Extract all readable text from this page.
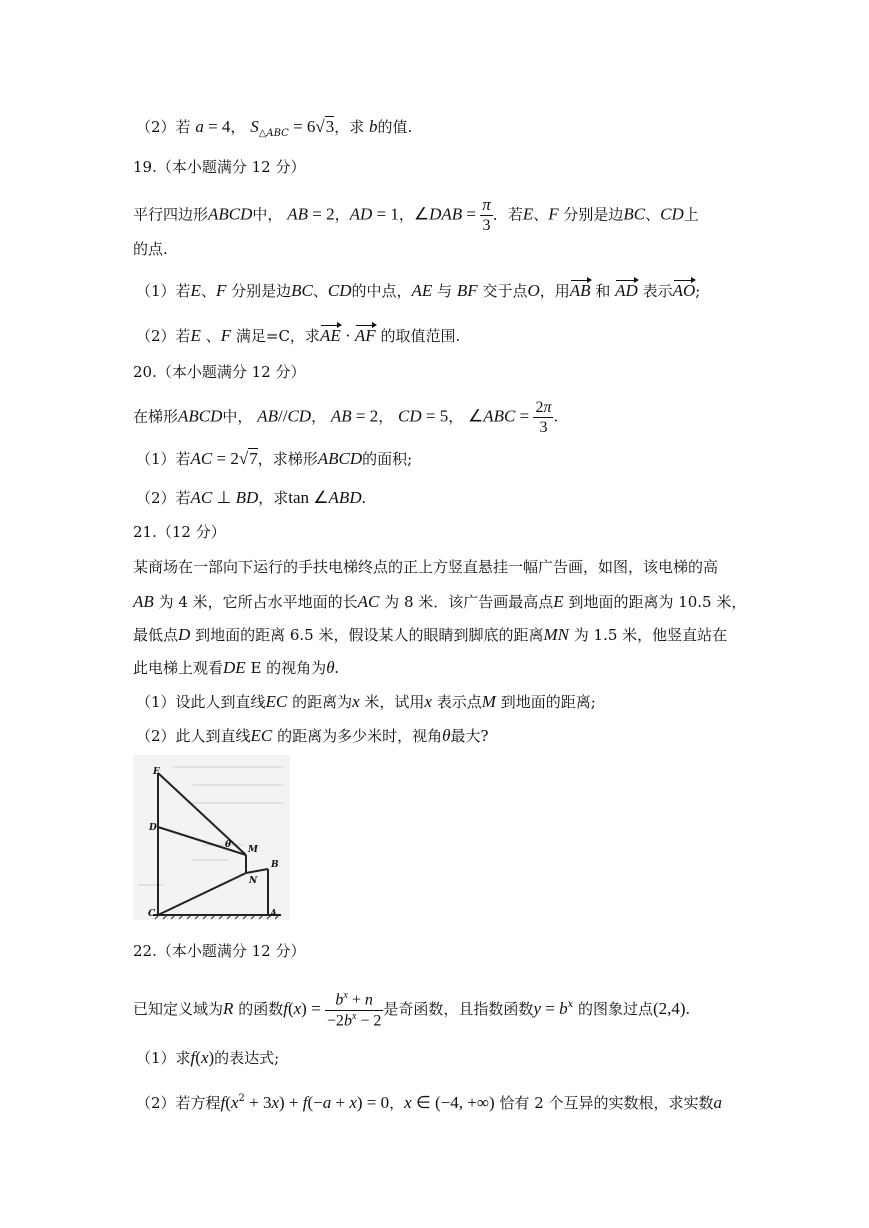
（2）若 a = 4， $S_{\triangle ABC} = 6√3$，求 b的值.
19.（本小题满分 12 分）
平行四边形ABCD中， AB = 2，AD = 1，∠DAB = $\frac{\pi}{3}$ ．若E、F 分别是边BC、CD上
的点.
（1）若E、F 分别是边BC、CD的中点，AE 与 BF 交于点O，用AB 和 AD 表示AO;
（2）若E 、F 满足=C，求AE · AF 的取值范围.
20.（本小题满分 12 分）
在梯形ABCD中， AB//CD， AB = 2， CD = 5， ∠ABC = $\frac{2\pi}{3}$ .
（1）若AC = 2√7，求梯形ABCD的面积;
（2）若AC ⊥ BD，求tan ∠ABD.
21.（12 分）
某商场在一部向下运行的手扶电梯终点的正上方竖直悬挂一幅广告画，如图，该电梯的高
AB 为 4 米，它所占水平地面的长AC 为 8 米．该广告画最高点E 到地面的距离为 10.5 米，
最低点D 到地面的距离 6.5 米，假设某人的眼睛到脚底的距离MN 为 1.5 米，他竖直站在
此电梯上观看DE E 的视角为θ.
（1）设此人到直线EC 的距离为x 米，试用x 表示点M 到地面的距离;
（2）此人到直线EC 的距离为多少米时，视角θ最大?
E
D
θ M
B
N
C	A
22.（本小题满分 12 分）
已知定义域为R 的函数$f(x) = \frac{b^x + n}{-2b^x - 2}$ 是奇函数，且指数函数$y = b^x$ 的图象过点(2,4).
（1）求f(x)的表达式;
（2）若方程$f(x^2 + 3x) + f(-a + x) = 0$，x ∈ (−4, +∞) 恰有 2 个互异的实数根，求实数a
